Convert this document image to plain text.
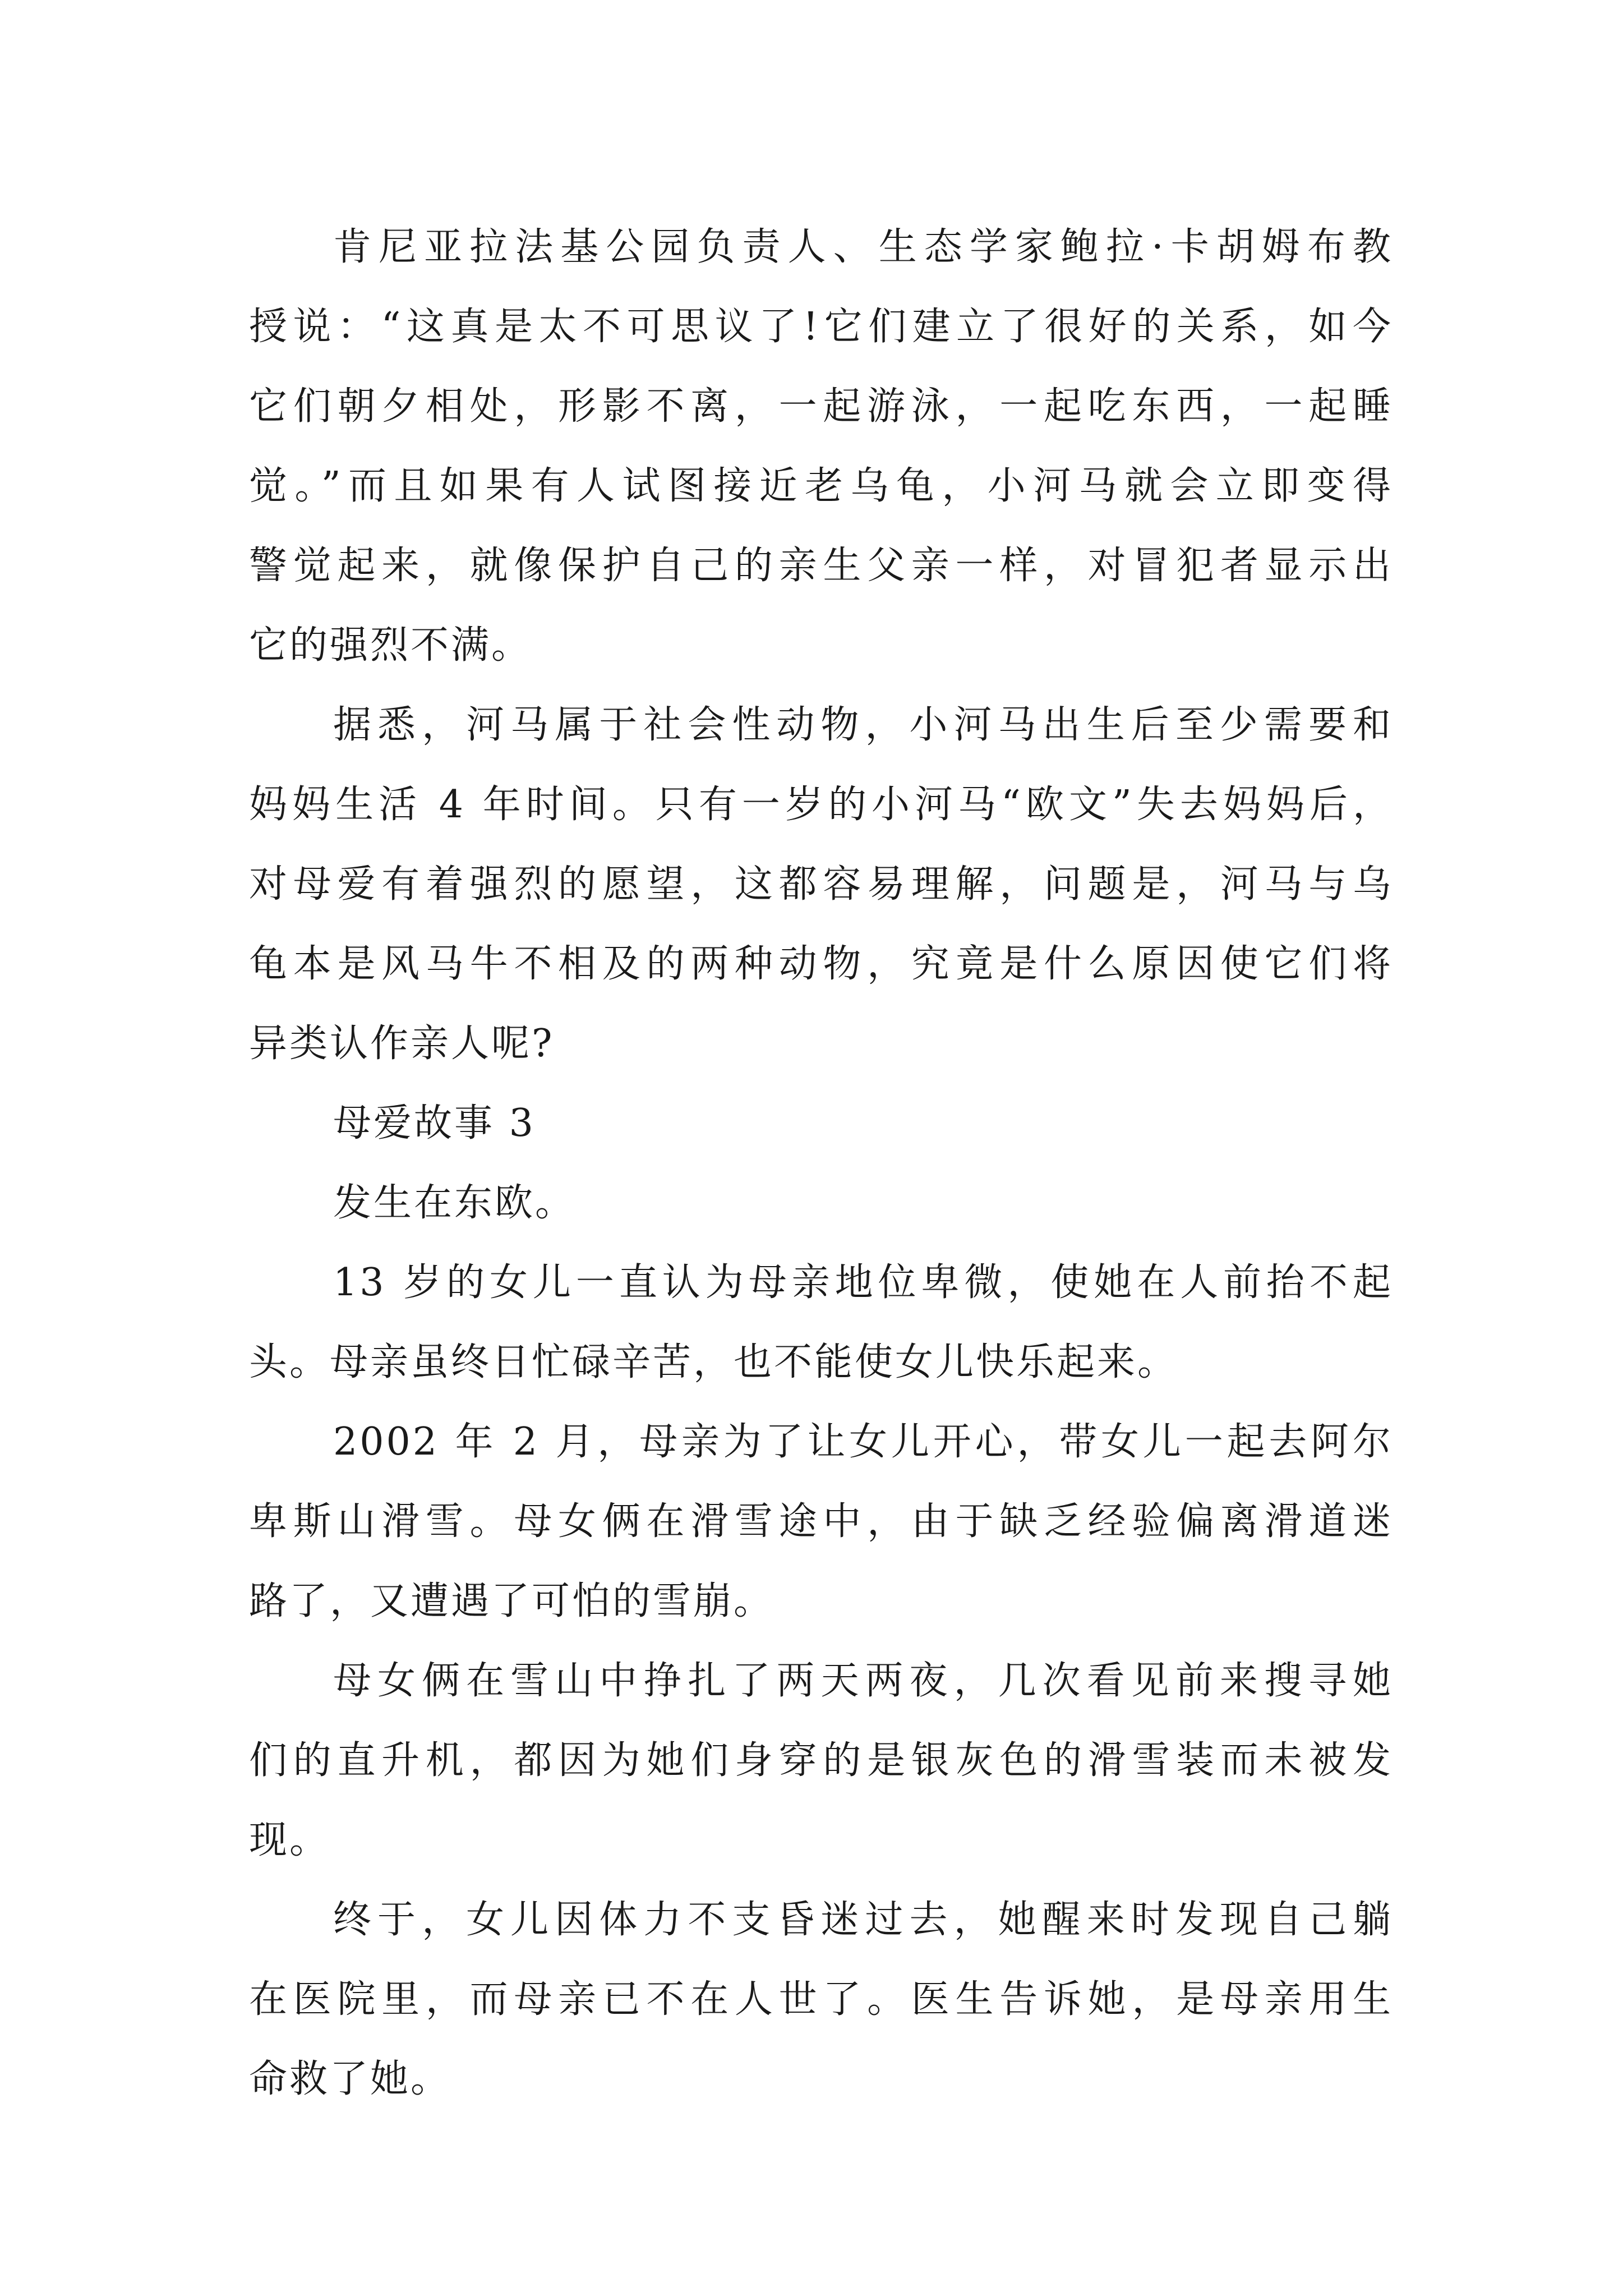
肯尼亚拉法基公园负责人、生态学家鲍拉·卡胡姆布教
授说：“这真是太不可思议了!它们建立了很好的关系，如今
它们朝夕相处，形影不离，一起游泳，一起吃东西，一起睡
觉。”而且如果有人试图接近老乌龟，小河马就会立即变得
警觉起来，就像保护自己的亲生父亲一样，对冒犯者显示出
它的强烈不满。
据悉，河马属于社会性动物，小河马出生后至少需要和
妈妈生活 4 年时间。只有一岁的小河马“欧文”失去妈妈后，
对母爱有着强烈的愿望，这都容易理解，问题是，河马与乌
龟本是风马牛不相及的两种动物，究竟是什么原因使它们将
异类认作亲人呢?
母爱故事 3
发生在东欧。
13 岁的女儿一直认为母亲地位卑微，使她在人前抬不起
头。母亲虽终日忙碌辛苦，也不能使女儿快乐起来。
2002 年 2 月，母亲为了让女儿开心，带女儿一起去阿尔
卑斯山滑雪。母女俩在滑雪途中，由于缺乏经验偏离滑道迷
路了，又遭遇了可怕的雪崩。
母女俩在雪山中挣扎了两天两夜，几次看见前来搜寻她
们的直升机，都因为她们身穿的是银灰色的滑雪装而未被发
现。
终于，女儿因体力不支昏迷过去，她醒来时发现自己躺
在医院里，而母亲已不在人世了。医生告诉她，是母亲用生
命救了她。
